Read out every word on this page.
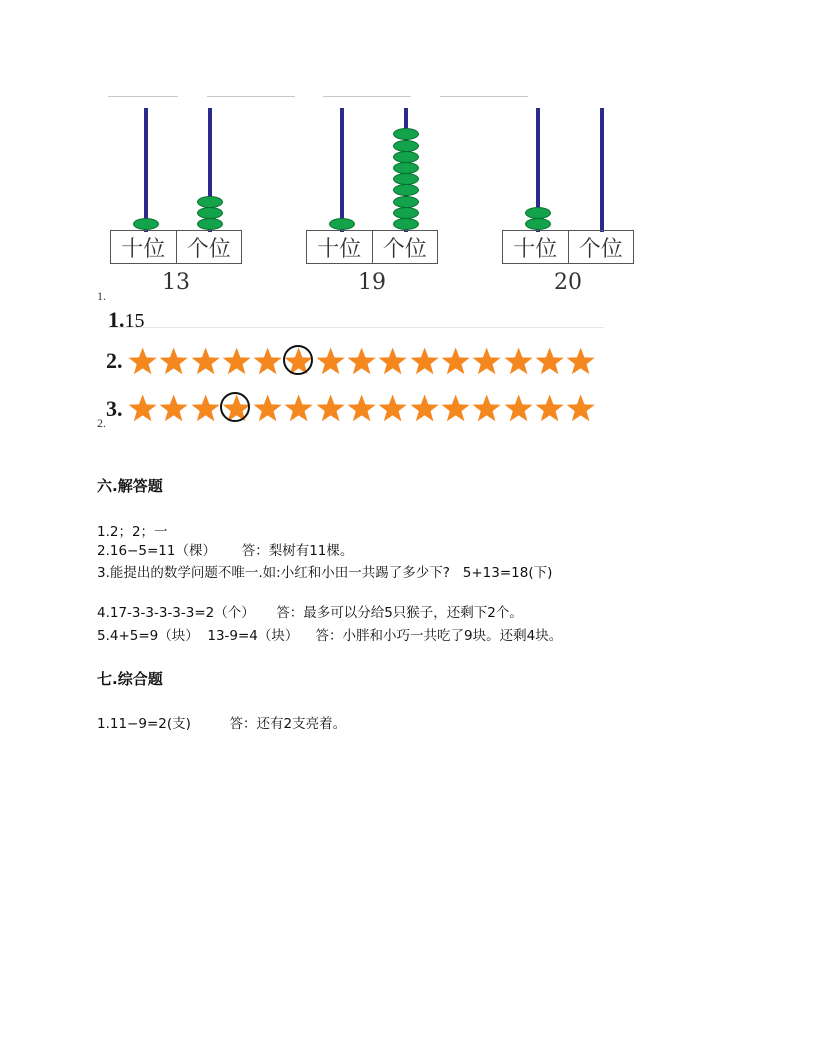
十位 个位
13
十位 个位
19
十位 个位
20
1.
1.15
2.
3.
2.
六.解答题
1.2；2；一
2.16−5=11（棵）      答：梨树有11棵。
3.能提出的数学问题不唯一.如:小红和小田一共踢了多少下?   5+13=18(下)
4.17-3-3-3-3-3=2（个）     答：最多可以分给5只猴子，还剩下2个。
5.4+5=9（块）  13-9=4（块）    答：小胖和小巧一共吃了9块。还剩4块。
七.综合题
1.11−9=2(支)         答：还有2支亮着。
